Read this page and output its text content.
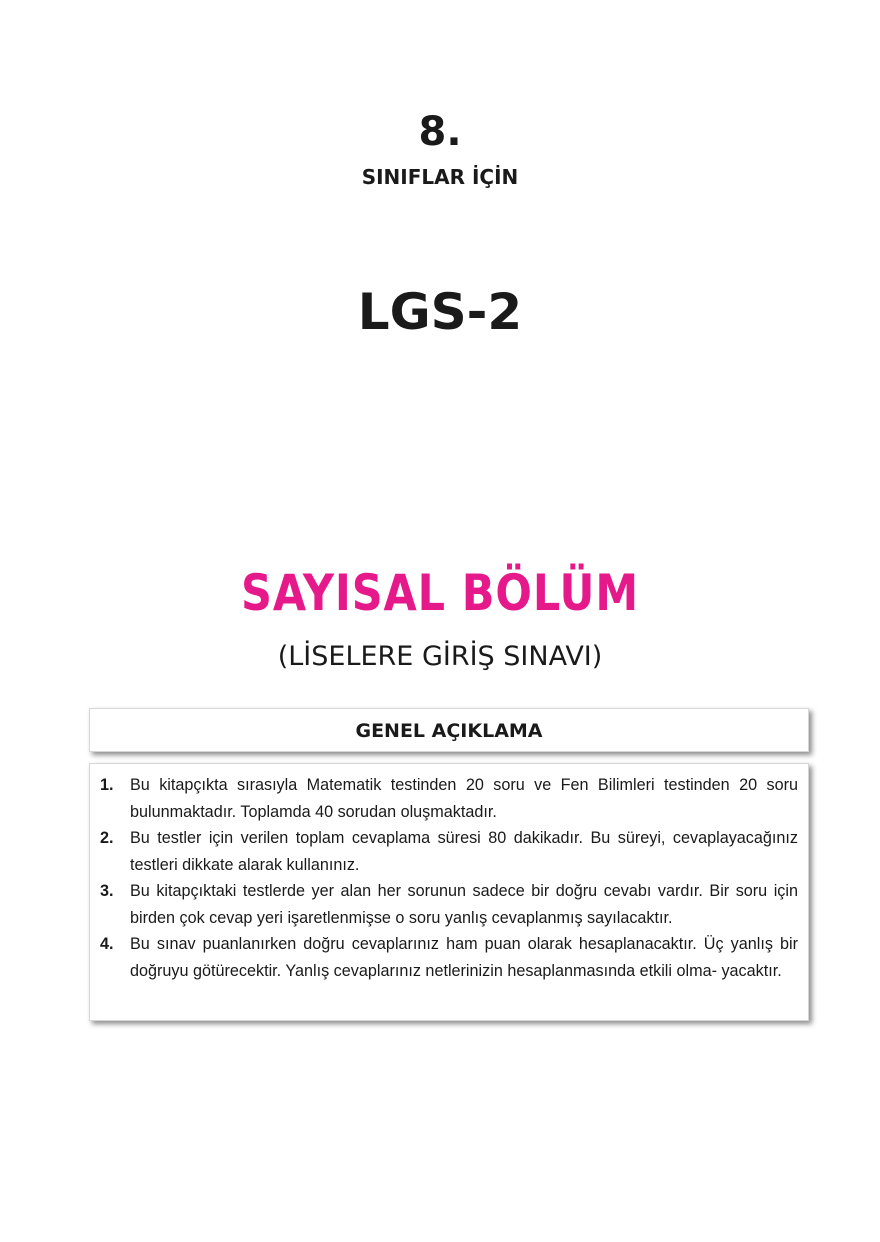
8.
SINIFLAR İÇİN
LGS-2
SAYISAL BÖLÜM
(LİSELERE GİRİŞ SINAVI)
GENEL AÇIKLAMA
1.	Bu kitapçıkta sırasıyla Matematik testinden 20 soru ve Fen Bilimleri testinden 20 soru bulunmaktadır. Toplamda 40 sorudan oluşmaktadır.
2.	Bu testler için verilen toplam cevaplama süresi 80 dakikadır. Bu süreyi, cevaplayacağınız testleri dikkate alarak kullanınız.
3.	Bu kitapçıktaki testlerde yer alan her sorunun sadece bir doğru cevabı vardır. Bir soru için birden çok cevap yeri işaretlenmişse o soru yanlış cevaplanmış sayılacaktır.
4.	Bu sınav puanlanırken doğru cevaplarınız ham puan olarak hesaplanacaktır. Üç yanlış bir doğruyu götürecektir. Yanlış cevaplarınız netlerinizin hesaplanmasında etkili olma- yacaktır.
